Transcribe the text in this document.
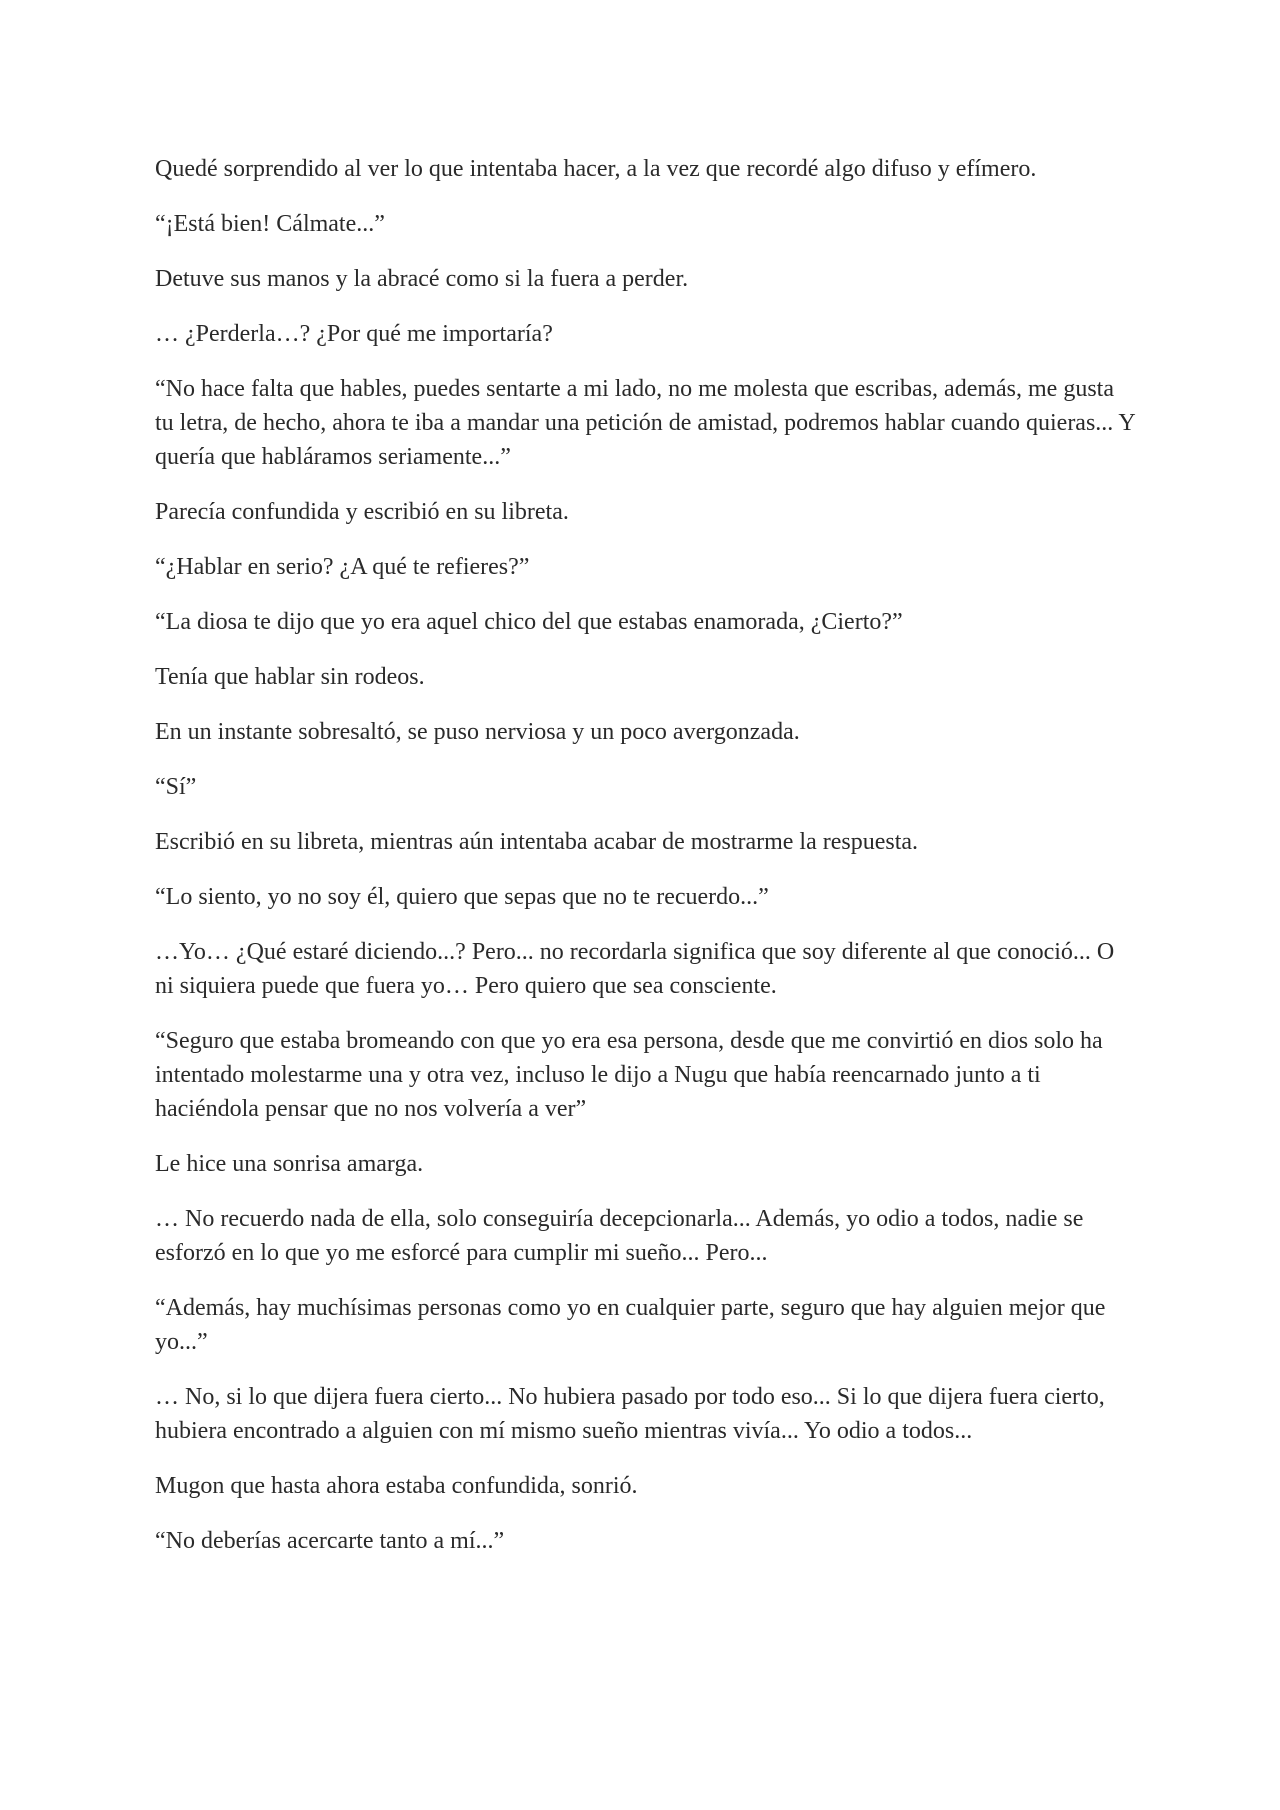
Quedé sorprendido al ver lo que intentaba hacer, a la vez que recordé algo difuso y efímero.

“¡Está bien! Cálmate...”

Detuve sus manos y la abracé como si la fuera a perder.

… ¿Perderla…? ¿Por qué me importaría?

“No hace falta que hables, puedes sentarte a mi lado, no me molesta que escribas, además, me gusta tu letra, de hecho, ahora te iba a mandar una petición de amistad, podremos hablar cuando quieras... Y quería que habláramos seriamente...”

Parecía confundida y escribió en su libreta.

“¿Hablar en serio? ¿A qué te refieres?”

“La diosa te dijo que yo era aquel chico del que estabas enamorada, ¿Cierto?”

Tenía que hablar sin rodeos.

En un instante sobresaltó, se puso nerviosa y un poco avergonzada.

“Sí”

Escribió en su libreta, mientras aún intentaba acabar de mostrarme la respuesta.

“Lo siento, yo no soy él, quiero que sepas que no te recuerdo...”

…Yo… ¿Qué estaré diciendo...? Pero... no recordarla significa que soy diferente al que conoció... O ni siquiera puede que fuera yo… Pero quiero que sea consciente.

“Seguro que estaba bromeando con que yo era esa persona, desde que me convirtió en dios solo ha intentado molestarme una y otra vez, incluso le dijo a Nugu que había reencarnado junto a ti haciéndola pensar que no nos volvería a ver”

Le hice una sonrisa amarga.

… No recuerdo nada de ella, solo conseguiría decepcionarla... Además, yo odio a todos, nadie se esforzó en lo que yo me esforcé para cumplir mi sueño... Pero...

“Además, hay muchísimas personas como yo en cualquier parte, seguro que hay alguien mejor que yo...”

… No, si lo que dijera fuera cierto... No hubiera pasado por todo eso... Si lo que dijera fuera cierto, hubiera encontrado a alguien con mí mismo sueño mientras vivía... Yo odio a todos...

Mugon que hasta ahora estaba confundida, sonrió.

“No deberías acercarte tanto a mí...”
